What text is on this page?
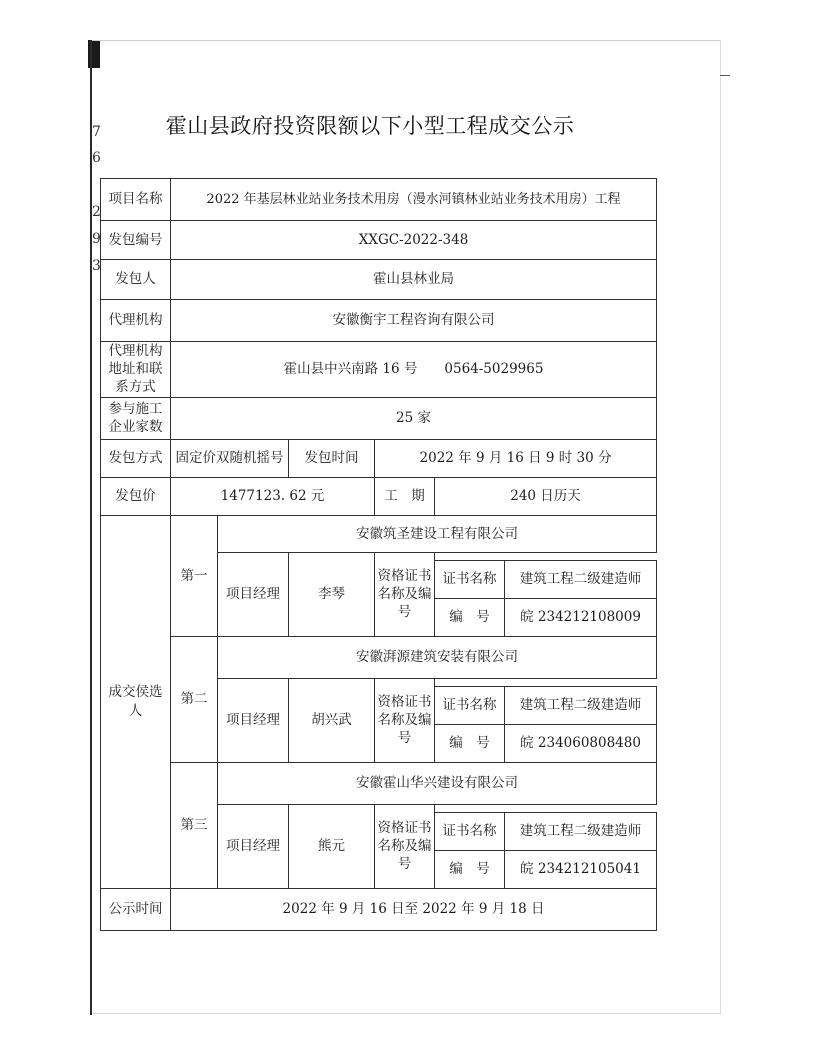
7
6
2
9
3
霍山县政府投资限额以下小型工程成交公示
项目名称	2022 年基层林业站业务技术用房（漫水河镇林业站业务技术用房）工程					
发包编号	XXGC-2022-348					
发包人	霍山县林业局					
代理机构	安徽衡宇工程咨询有限公司					
代理机构地址和联系方式	霍山县中兴南路 16 号　　0564-5029965					
参与施工企业家数	25 家					
发包方式	固定价双随机摇号		发包时间	2022 年 9 月 16 日 9 时 30 分		
发包价	1477123. 62 元			工　期	240 日历天	
成交侯选人	第一	安徽筑圣建设工程有限公司				
		项目经理	李琴	资格证书名称及编号		
					证书名称	建筑工程二级建造师
					编　号	皖 234212108009
	第二	安徽湃源建筑安装有限公司				
		项目经理	胡兴武	资格证书名称及编号		
					证书名称	建筑工程二级建造师
					编　号	皖 234060808480
	第三	安徽霍山华兴建设有限公司				
		项目经理	熊元	资格证书名称及编号		
					证书名称	建筑工程二级建造师
					编　号	皖 234212105041
公示时间	2022 年 9 月 16 日至 2022 年 9 月 18 日					
